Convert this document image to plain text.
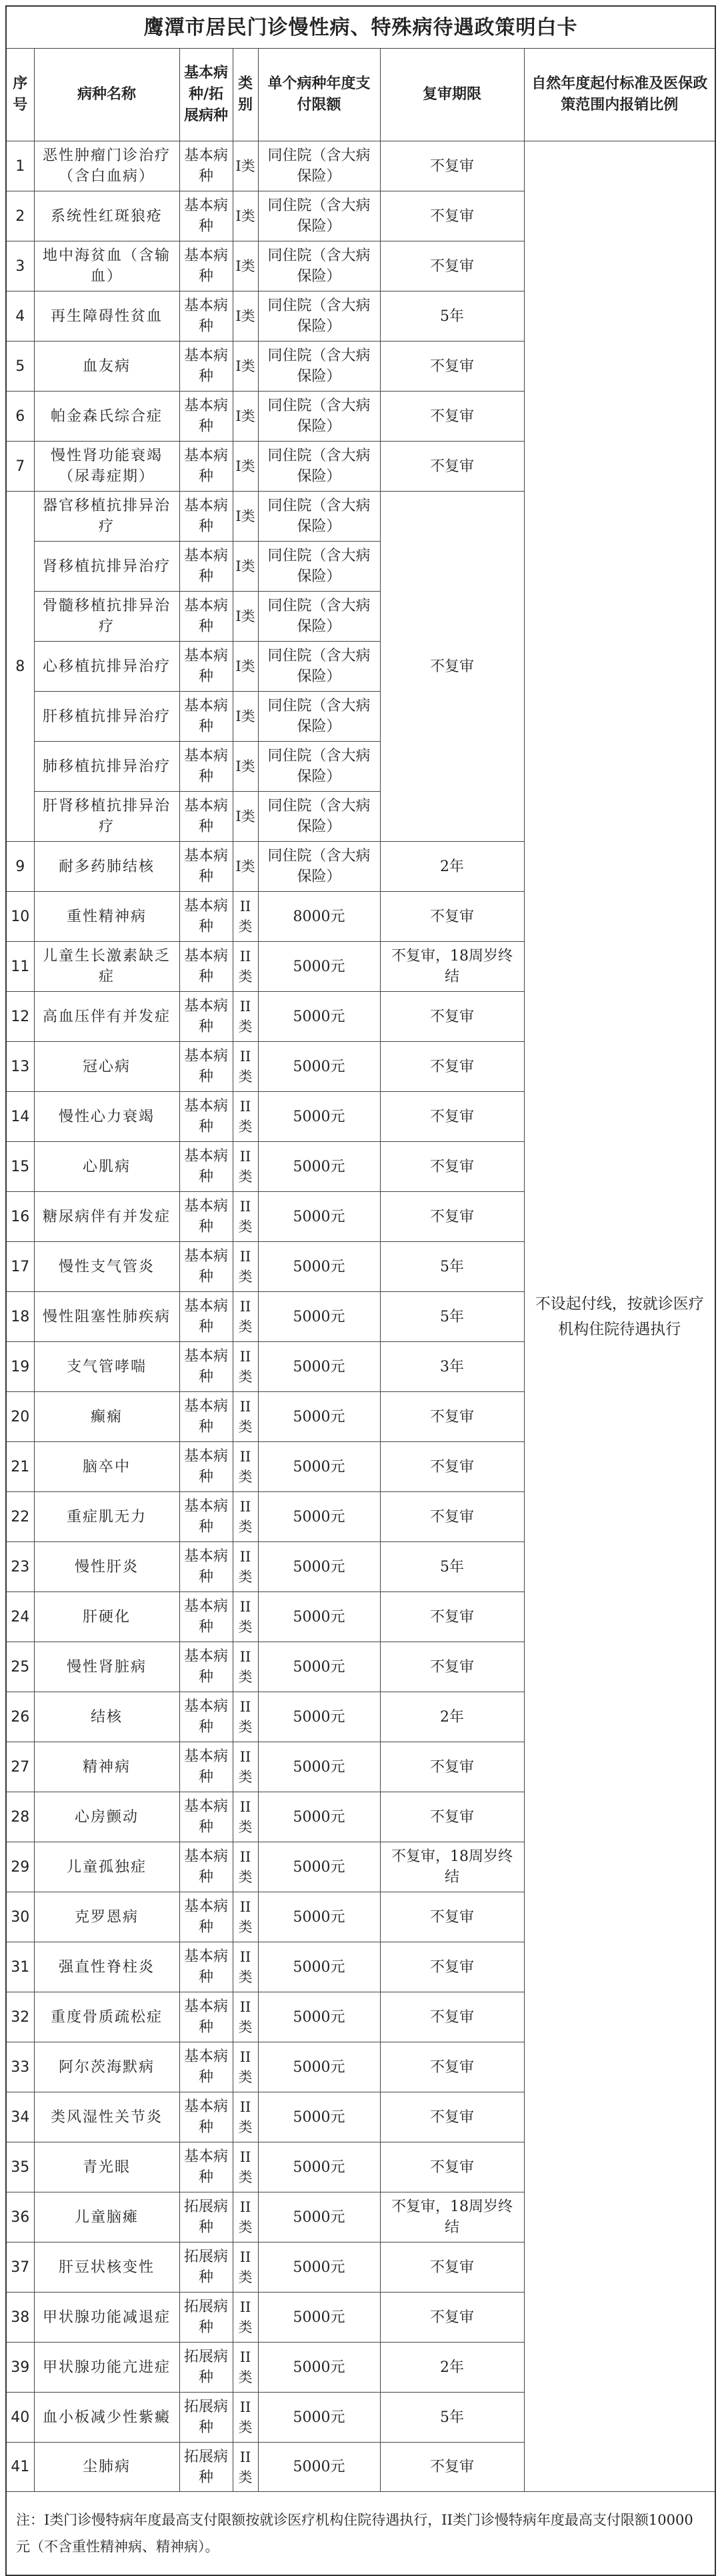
鹰潭市居民门诊慢性病、特殊病待遇政策明白卡						
序号	病种名称	基本病种/拓展病种	类别	单个病种年度支付限额	复审期限	自然年度起付标准及医保政策范围内报销比例
1	恶性肿瘤门诊治疗（含白血病）	基本病种	I类	同住院（含大病保险）	不复审	不设起付线，按就诊医疗机构住院待遇执行
2	系统性红斑狼疮	基本病种	I类	同住院（含大病保险）	不复审	
3	地中海贫血（含输血）	基本病种	I类	同住院（含大病保险）	不复审	
4	再生障碍性贫血	基本病种	I类	同住院（含大病保险）	5年	
5	血友病	基本病种	I类	同住院（含大病保险）	不复审	
6	帕金森氏综合症	基本病种	I类	同住院（含大病保险）	不复审	
7	慢性肾功能衰竭（尿毒症期）	基本病种	I类	同住院（含大病保险）	不复审	
8	器官移植抗排异治疗	基本病种	I类	同住院（含大病保险）	不复审	
	肾移植抗排异治疗	基本病种	I类	同住院（含大病保险）		
	骨髓移植抗排异治疗	基本病种	I类	同住院（含大病保险）		
	心移植抗排异治疗	基本病种	I类	同住院（含大病保险）		
	肝移植抗排异治疗	基本病种	I类	同住院（含大病保险）		
	肺移植抗排异治疗	基本病种	I类	同住院（含大病保险）		
	肝肾移植抗排异治疗	基本病种	I类	同住院（含大病保险）		
9	耐多药肺结核	基本病种	I类	同住院（含大病保险）	2年	
10	重性精神病	基本病种	II类	8000元	不复审	
11	儿童生长激素缺乏症	基本病种	II类	5000元	不复审，18周岁终结	
12	高血压伴有并发症	基本病种	II类	5000元	不复审	
13	冠心病	基本病种	II类	5000元	不复审	
14	慢性心力衰竭	基本病种	II类	5000元	不复审	
15	心肌病	基本病种	II类	5000元	不复审	
16	糖尿病伴有并发症	基本病种	II类	5000元	不复审	
17	慢性支气管炎	基本病种	II类	5000元	5年	
18	慢性阻塞性肺疾病	基本病种	II类	5000元	5年	
19	支气管哮喘	基本病种	II类	5000元	3年	
20	癫痫	基本病种	II类	5000元	不复审	
21	脑卒中	基本病种	II类	5000元	不复审	
22	重症肌无力	基本病种	II类	5000元	不复审	
23	慢性肝炎	基本病种	II类	5000元	5年	
24	肝硬化	基本病种	II类	5000元	不复审	
25	慢性肾脏病	基本病种	II类	5000元	不复审	
26	结核	基本病种	II类	5000元	2年	
27	精神病	基本病种	II类	5000元	不复审	
28	心房颤动	基本病种	II类	5000元	不复审	
29	儿童孤独症	基本病种	II类	5000元	不复审，18周岁终结	
30	克罗恩病	基本病种	II类	5000元	不复审	
31	强直性脊柱炎	基本病种	II类	5000元	不复审	
32	重度骨质疏松症	基本病种	II类	5000元	不复审	
33	阿尔茨海默病	基本病种	II类	5000元	不复审	
34	类风湿性关节炎	基本病种	II类	5000元	不复审	
35	青光眼	基本病种	II类	5000元	不复审	
36	儿童脑瘫	拓展病种	II类	5000元	不复审，18周岁终结	
37	肝豆状核变性	拓展病种	II类	5000元	不复审	
38	甲状腺功能减退症	拓展病种	II类	5000元	不复审	
39	甲状腺功能亢进症	拓展病种	II类	5000元	2年	
40	血小板减少性紫癜	拓展病种	II类	5000元	5年	
41	尘肺病	拓展病种	II类	5000元	不复审	
注：I类门诊慢特病年度最高支付限额按就诊医疗机构住院待遇执行，II类门诊慢特病年度最高支付限额10000元（不含重性精神病、精神病）。						
